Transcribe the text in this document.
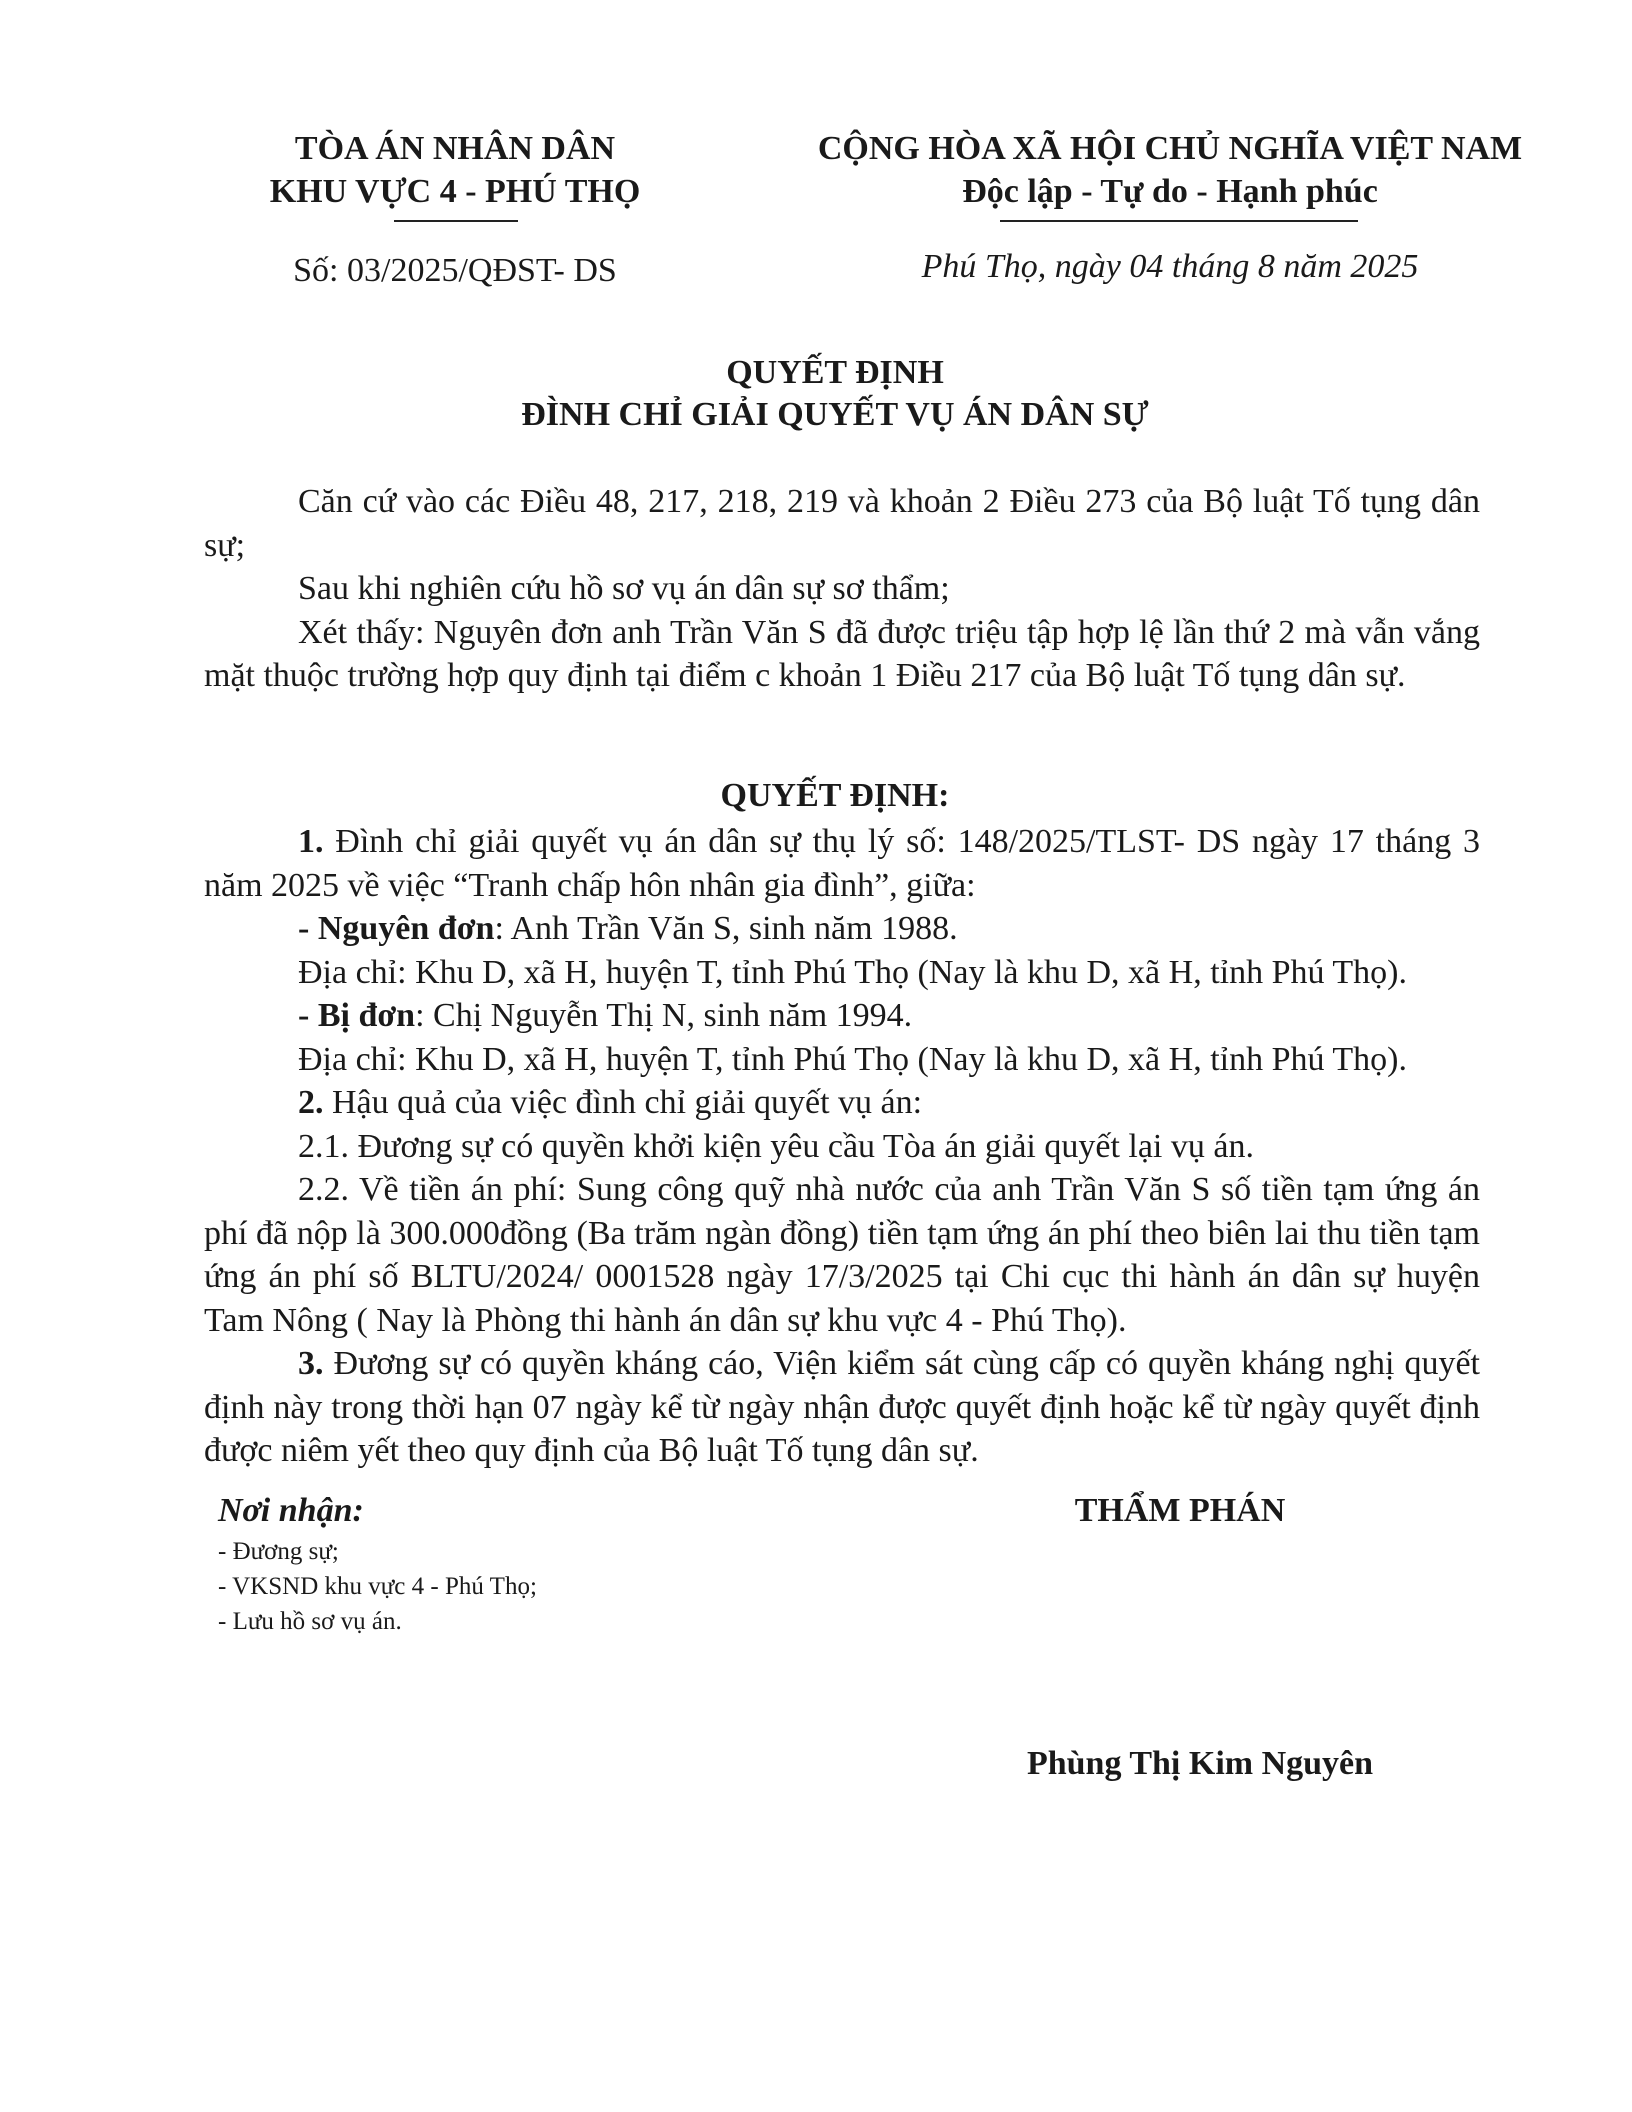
TÒA ÁN NHÂN DÂN
KHU VỰC 4 - PHÚ THỌ
Số: 03/2025/QĐST- DS
CỘNG HÒA XÃ HỘI CHỦ NGHĨA VIỆT NAM
Độc lập - Tự do - Hạnh phúc
Phú Thọ, ngày 04 tháng 8 năm 2025
QUYẾT ĐỊNH
ĐÌNH CHỈ GIẢI QUYẾT VỤ ÁN DÂN SỰ

Căn cứ vào các Điều 48, 217, 218, 219 và khoản 2 Điều 273 của Bộ luật Tố tụng dân sự;

Sau khi nghiên cứu hồ sơ vụ án dân sự sơ thẩm;

Xét thấy: Nguyên đơn anh Trần Văn S đã được triệu tập hợp lệ lần thứ 2 mà vẫn vắng mặt thuộc trường hợp quy định tại điểm c khoản 1 Điều 217 của Bộ luật Tố tụng dân sự.

QUYẾT ĐỊNH:

1. Đình chỉ giải quyết vụ án dân sự thụ lý số: 148/2025/TLST- DS ngày 17 tháng 3 năm 2025 về việc “Tranh chấp hôn nhân gia đình”, giữa:

- Nguyên đơn: Anh Trần Văn S, sinh năm 1988.

Địa chỉ: Khu D, xã H, huyện T, tỉnh Phú Thọ (Nay là khu D, xã H, tỉnh Phú Thọ).

- Bị đơn: Chị Nguyễn Thị N, sinh năm 1994.

Địa chỉ: Khu D, xã H, huyện T, tỉnh Phú Thọ (Nay là khu D, xã H, tỉnh Phú Thọ).

2. Hậu quả của việc đình chỉ giải quyết vụ án:

2.1. Đương sự có quyền khởi kiện yêu cầu Tòa án giải quyết lại vụ án.

2.2. Về tiền án phí: Sung công quỹ nhà nước của anh Trần Văn S số tiền tạm ứng án phí đã nộp là 300.000đồng (Ba trăm ngàn đồng) tiền tạm ứng án phí theo biên lai thu tiền tạm ứng án phí số BLTU/2024/ 0001528 ngày 17/3/2025 tại Chi cục thi hành án dân sự huyện Tam Nông ( Nay là Phòng thi hành án dân sự khu vực 4 - Phú Thọ).

3. Đương sự có quyền kháng cáo, Viện kiểm sát cùng cấp có quyền kháng nghị quyết định này trong thời hạn 07 ngày kể từ ngày nhận được quyết định hoặc kể từ ngày quyết định được niêm yết theo quy định của Bộ luật Tố tụng dân sự.

Nơi nhận:
- Đương sự;
- VKSND khu vực 4 - Phú Thọ;
- Lưu hồ sơ vụ án.
THẨM PHÁN
Phùng Thị Kim Nguyên
